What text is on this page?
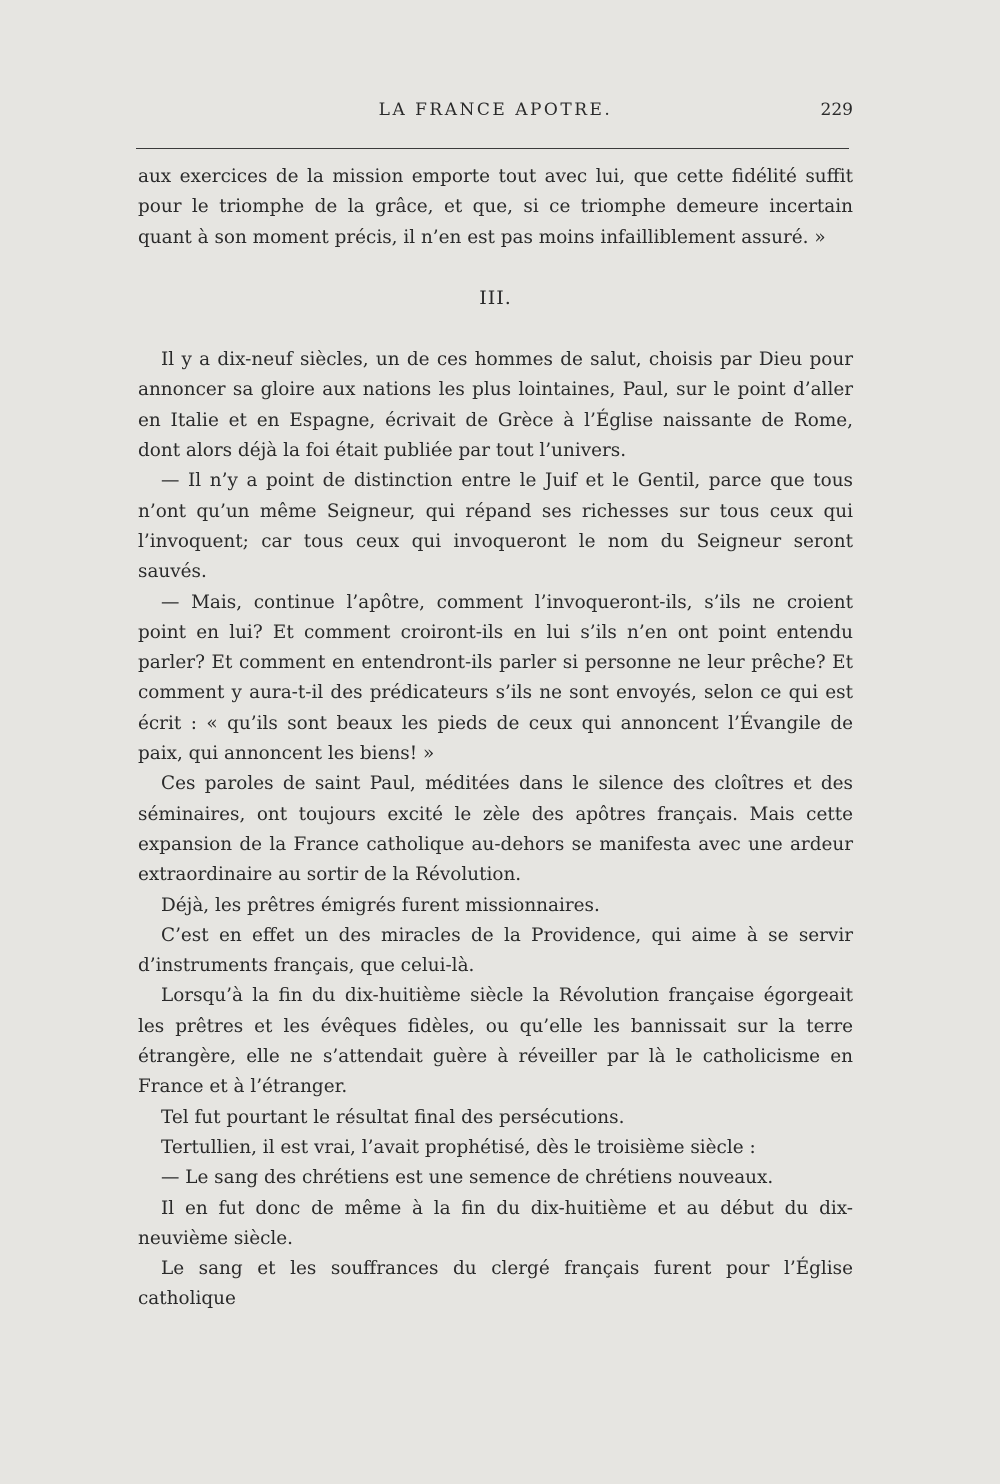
LA FRANCE APOTRE.	229

aux exercices de la mission emporte tout avec lui, que cette fidélité suffit pour le triomphe de la grâce, et que, si ce triomphe demeure incertain quant à son moment précis, il n’en est pas moins infailliblement assuré. »

III.

Il y a dix-neuf siècles, un de ces hommes de salut, choisis par Dieu pour annoncer sa gloire aux nations les plus lointaines, Paul, sur le point d’aller en Italie et en Espagne, écrivait de Grèce à l’Église naissante de Rome, dont alors déjà la foi était publiée par tout l’univers.

— Il n’y a point de distinction entre le Juif et le Gentil, parce que tous n’ont qu’un même Seigneur, qui répand ses richesses sur tous ceux qui l’invoquent; car tous ceux qui invoqueront le nom du Seigneur seront sauvés.

— Mais, continue l’apôtre, comment l’invoqueront-ils, s’ils ne croient point en lui? Et comment croiront-ils en lui s’ils n’en ont point entendu parler? Et comment en entendront-ils parler si personne ne leur prêche? Et comment y aura-t-il des prédicateurs s’ils ne sont envoyés, selon ce qui est écrit : « qu’ils sont beaux les pieds de ceux qui annoncent l’Évangile de paix, qui annoncent les biens! »

Ces paroles de saint Paul, méditées dans le silence des cloîtres et des séminaires, ont toujours excité le zèle des apôtres français. Mais cette expansion de la France catholique au-dehors se manifesta avec une ardeur extraordinaire au sortir de la Révolution.

Déjà, les prêtres émigrés furent missionnaires.

C’est en effet un des miracles de la Providence, qui aime à se servir d’instruments français, que celui-là.

Lorsqu’à la fin du dix-huitième siècle la Révolution française égorgeait les prêtres et les évêques fidèles, ou qu’elle les bannissait sur la terre étrangère, elle ne s’attendait guère à réveiller par là le catholicisme en France et à l’étranger.

Tel fut pourtant le résultat final des persécutions.

Tertullien, il est vrai, l’avait prophétisé, dès le troisième siècle :

— Le sang des chrétiens est une semence de chrétiens nouveaux.

Il en fut donc de même à la fin du dix-huitième et au début du dix-neuvième siècle.

Le sang et les souffrances du clergé français furent pour l’Église catholique
